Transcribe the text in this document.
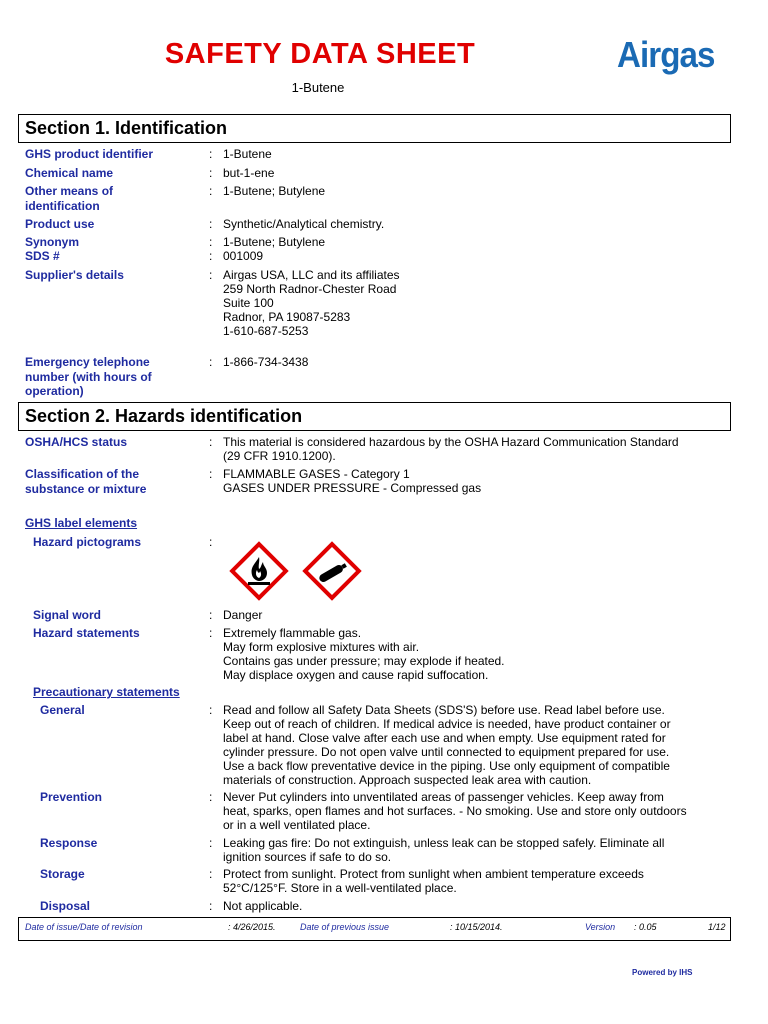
SAFETY DATA SHEET
1-Butene
Airgas
Section 1. Identification
GHS product identifier	: 1-Butene
Chemical name	: but-1-ene
Other means of
identification
: 1-Butene; Butylene
Product use	: Synthetic/Analytical chemistry.
Synonym	: 1-Butene; Butylene
SDS #	: 001009
Supplier's details	: Airgas USA, LLC and its affiliates
259 North Radnor-Chester Road
Suite 100
Radnor, PA 19087-5283
1-610-687-5253
Emergency telephone
number (with hours of
operation)
: 1-866-734-3438
Section 2. Hazards identification
OSHA/HCS status	: This material is considered hazardous by the OSHA Hazard Communication Standard
(29 CFR 1910.1200).
Classification of the
substance or mixture
: FLAMMABLE GASES - Category 1
GASES UNDER PRESSURE - Compressed gas
GHS label elements
Hazard pictograms	:
Signal word	: Danger
Hazard statements	: Extremely flammable gas.
May form explosive mixtures with air.
Contains gas under pressure; may explode if heated.
May displace oxygen and cause rapid suffocation.
Precautionary statements
General	: Read and follow all Safety Data Sheets (SDS'S) before use. Read label before use.
Keep out of reach of children. If medical advice is needed, have product container or
label at hand. Close valve after each use and when empty. Use equipment rated for
cylinder pressure. Do not open valve until connected to equipment prepared for use.
Use a back flow preventative device in the piping. Use only equipment of compatible
materials of construction. Approach suspected leak area with caution.
Prevention	: Never Put cylinders into unventilated areas of passenger vehicles. Keep away from
heat, sparks, open flames and hot surfaces. - No smoking. Use and store only outdoors
or in a well ventilated place.
Response	: Leaking gas fire: Do not extinguish, unless leak can be stopped safely. Eliminate all
ignition sources if safe to do so.
Storage	: Protect from sunlight. Protect from sunlight when ambient temperature exceeds
52°C/125°F. Store in a well-ventilated place.
Disposal	: Not applicable.
Date of issue/Date of revision	: 4/26/2015.	Date of previous issue	: 10/15/2014.	Version : 0.05	1/12
Powered by IHS
